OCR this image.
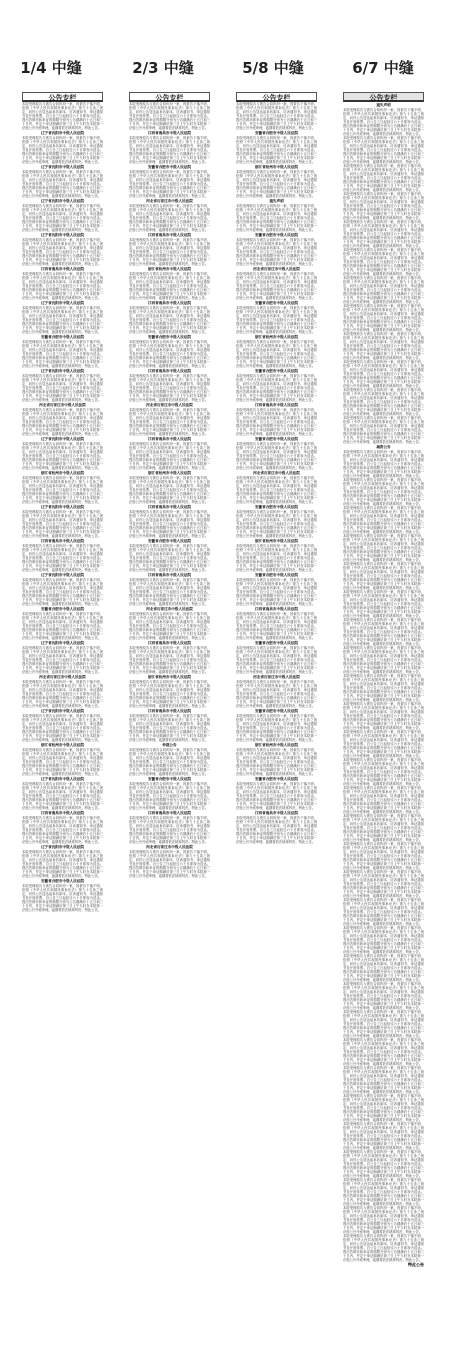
1/4 中缝	2/3 中缝	5/8 中缝	6/7 中缝
公告专栏

本院受理原告与被告合同纠纷一案，因被告下落不明，依照《中华人民共和国民事诉讼法》第九十五条之规定，向你公告送达起诉状副本、应诉通知书、举证通知书及开庭传票。自公告之日起经过六十日即视为送达。提出答辩状和举证的期限分别为公告期满后十五日和三十日内，并定于举证期满后第三日上午九时在本院第一法庭公开开庭审理，逾期将依法缺席判决。特此公告。

辽宁省沈阳市中级人民法院

本院受理原告与被告合同纠纷一案，因被告下落不明，依照《中华人民共和国民事诉讼法》第九十五条之规定，向你公告送达起诉状副本、应诉通知书、举证通知书及开庭传票。自公告之日起经过六十日即视为送达。提出答辩状和举证的期限分别为公告期满后十五日和三十日内，并定于举证期满后第三日上午九时在本院第一法庭公开开庭审理，逾期将依法缺席判决。特此公告。

辽宁省沈阳市中级人民法院

本院受理原告与被告合同纠纷一案，因被告下落不明，依照《中华人民共和国民事诉讼法》第九十五条之规定，向你公告送达起诉状副本、应诉通知书、举证通知书及开庭传票。自公告之日起经过六十日即视为送达。提出答辩状和举证的期限分别为公告期满后十五日和三十日内，并定于举证期满后第三日上午九时在本院第一法庭公开开庭审理，逾期将依法缺席判决。特此公告。

辽宁省沈阳市中级人民法院

本院受理原告与被告合同纠纷一案，因被告下落不明，依照《中华人民共和国民事诉讼法》第九十五条之规定，向你公告送达起诉状副本、应诉通知书、举证通知书及开庭传票。自公告之日起经过六十日即视为送达。提出答辩状和举证的期限分别为公告期满后十五日和三十日内，并定于举证期满后第三日上午九时在本院第一法庭公开开庭审理，逾期将依法缺席判决。特此公告。

辽宁省沈阳市中级人民法院

本院受理原告与被告合同纠纷一案，因被告下落不明，依照《中华人民共和国民事诉讼法》第九十五条之规定，向你公告送达起诉状副本、应诉通知书、举证通知书及开庭传票。自公告之日起经过六十日即视为送达。提出答辩状和举证的期限分别为公告期满后十五日和三十日内，并定于举证期满后第三日上午九时在本院第一法庭公开开庭审理，逾期将依法缺席判决。特此公告。

江西省南昌市中级人民法院

本院受理原告与被告合同纠纷一案，因被告下落不明，依照《中华人民共和国民事诉讼法》第九十五条之规定，向你公告送达起诉状副本、应诉通知书、举证通知书及开庭传票。自公告之日起经过六十日即视为送达。提出答辩状和举证的期限分别为公告期满后十五日和三十日内，并定于举证期满后第三日上午九时在本院第一法庭公开开庭审理，逾期将依法缺席判决。特此公告。

辽宁省沈阳市中级人民法院

本院受理原告与被告合同纠纷一案，因被告下落不明，依照《中华人民共和国民事诉讼法》第九十五条之规定，向你公告送达起诉状副本、应诉通知书、举证通知书及开庭传票。自公告之日起经过六十日即视为送达。提出答辩状和举证的期限分别为公告期满后十五日和三十日内，并定于举证期满后第三日上午九时在本院第一法庭公开开庭审理，逾期将依法缺席判决。特此公告。

安徽省合肥市中级人民法院

本院受理原告与被告合同纠纷一案，因被告下落不明，依照《中华人民共和国民事诉讼法》第九十五条之规定，向你公告送达起诉状副本、应诉通知书、举证通知书及开庭传票。自公告之日起经过六十日即视为送达。提出答辩状和举证的期限分别为公告期满后十五日和三十日内，并定于举证期满后第三日上午九时在本院第一法庭公开开庭审理，逾期将依法缺席判决。特此公告。

辽宁省沈阳市中级人民法院

本院受理原告与被告合同纠纷一案，因被告下落不明，依照《中华人民共和国民事诉讼法》第九十五条之规定，向你公告送达起诉状副本、应诉通知书、举证通知书及开庭传票。自公告之日起经过六十日即视为送达。提出答辩状和举证的期限分别为公告期满后十五日和三十日内，并定于举证期满后第三日上午九时在本院第一法庭公开开庭审理，逾期将依法缺席判决。特此公告。

河北省石家庄市中级人民法院

本院受理原告与被告合同纠纷一案，因被告下落不明，依照《中华人民共和国民事诉讼法》第九十五条之规定，向你公告送达起诉状副本、应诉通知书、举证通知书及开庭传票。自公告之日起经过六十日即视为送达。提出答辩状和举证的期限分别为公告期满后十五日和三十日内，并定于举证期满后第三日上午九时在本院第一法庭公开开庭审理，逾期将依法缺席判决。特此公告。

辽宁省沈阳市中级人民法院

本院受理原告与被告合同纠纷一案，因被告下落不明，依照《中华人民共和国民事诉讼法》第九十五条之规定，向你公告送达起诉状副本、应诉通知书、举证通知书及开庭传票。自公告之日起经过六十日即视为送达。提出答辩状和举证的期限分别为公告期满后十五日和三十日内，并定于举证期满后第三日上午九时在本院第一法庭公开开庭审理，逾期将依法缺席判决。特此公告。

浙江省杭州市中级人民法院

本院受理原告与被告合同纠纷一案，因被告下落不明，依照《中华人民共和国民事诉讼法》第九十五条之规定，向你公告送达起诉状副本、应诉通知书、举证通知书及开庭传票。自公告之日起经过六十日即视为送达。提出答辩状和举证的期限分别为公告期满后十五日和三十日内，并定于举证期满后第三日上午九时在本院第一法庭公开开庭审理，逾期将依法缺席判决。特此公告。

辽宁省沈阳市中级人民法院

本院受理原告与被告合同纠纷一案，因被告下落不明，依照《中华人民共和国民事诉讼法》第九十五条之规定，向你公告送达起诉状副本、应诉通知书、举证通知书及开庭传票。自公告之日起经过六十日即视为送达。提出答辩状和举证的期限分别为公告期满后十五日和三十日内，并定于举证期满后第三日上午九时在本院第一法庭公开开庭审理，逾期将依法缺席判决。特此公告。

江西省南昌市中级人民法院

本院受理原告与被告合同纠纷一案，因被告下落不明，依照《中华人民共和国民事诉讼法》第九十五条之规定，向你公告送达起诉状副本、应诉通知书、举证通知书及开庭传票。自公告之日起经过六十日即视为送达。提出答辩状和举证的期限分别为公告期满后十五日和三十日内，并定于举证期满后第三日上午九时在本院第一法庭公开开庭审理，逾期将依法缺席判决。特此公告。

辽宁省沈阳市中级人民法院

本院受理原告与被告合同纠纷一案，因被告下落不明，依照《中华人民共和国民事诉讼法》第九十五条之规定，向你公告送达起诉状副本、应诉通知书、举证通知书及开庭传票。自公告之日起经过六十日即视为送达。提出答辩状和举证的期限分别为公告期满后十五日和三十日内，并定于举证期满后第三日上午九时在本院第一法庭公开开庭审理，逾期将依法缺席判决。特此公告。

安徽省合肥市中级人民法院

本院受理原告与被告合同纠纷一案，因被告下落不明，依照《中华人民共和国民事诉讼法》第九十五条之规定，向你公告送达起诉状副本、应诉通知书、举证通知书及开庭传票。自公告之日起经过六十日即视为送达。提出答辩状和举证的期限分别为公告期满后十五日和三十日内，并定于举证期满后第三日上午九时在本院第一法庭公开开庭审理，逾期将依法缺席判决。特此公告。

辽宁省沈阳市中级人民法院

本院受理原告与被告合同纠纷一案，因被告下落不明，依照《中华人民共和国民事诉讼法》第九十五条之规定，向你公告送达起诉状副本、应诉通知书、举证通知书及开庭传票。自公告之日起经过六十日即视为送达。提出答辩状和举证的期限分别为公告期满后十五日和三十日内，并定于举证期满后第三日上午九时在本院第一法庭公开开庭审理，逾期将依法缺席判决。特此公告。

河北省石家庄市中级人民法院

本院受理原告与被告合同纠纷一案，因被告下落不明，依照《中华人民共和国民事诉讼法》第九十五条之规定，向你公告送达起诉状副本、应诉通知书、举证通知书及开庭传票。自公告之日起经过六十日即视为送达。提出答辩状和举证的期限分别为公告期满后十五日和三十日内，并定于举证期满后第三日上午九时在本院第一法庭公开开庭审理，逾期将依法缺席判决。特此公告。

辽宁省沈阳市中级人民法院

本院受理原告与被告合同纠纷一案，因被告下落不明，依照《中华人民共和国民事诉讼法》第九十五条之规定，向你公告送达起诉状副本、应诉通知书、举证通知书及开庭传票。自公告之日起经过六十日即视为送达。提出答辩状和举证的期限分别为公告期满后十五日和三十日内，并定于举证期满后第三日上午九时在本院第一法庭公开开庭审理，逾期将依法缺席判决。特此公告。

浙江省杭州市中级人民法院

本院受理原告与被告合同纠纷一案，因被告下落不明，依照《中华人民共和国民事诉讼法》第九十五条之规定，向你公告送达起诉状副本、应诉通知书、举证通知书及开庭传票。自公告之日起经过六十日即视为送达。提出答辩状和举证的期限分别为公告期满后十五日和三十日内，并定于举证期满后第三日上午九时在本院第一法庭公开开庭审理，逾期将依法缺席判决。特此公告。

辽宁省沈阳市中级人民法院

本院受理原告与被告合同纠纷一案，因被告下落不明，依照《中华人民共和国民事诉讼法》第九十五条之规定，向你公告送达起诉状副本、应诉通知书、举证通知书及开庭传票。自公告之日起经过六十日即视为送达。提出答辩状和举证的期限分别为公告期满后十五日和三十日内，并定于举证期满后第三日上午九时在本院第一法庭公开开庭审理，逾期将依法缺席判决。特此公告。

江西省南昌市中级人民法院

本院受理原告与被告合同纠纷一案，因被告下落不明，依照《中华人民共和国民事诉讼法》第九十五条之规定，向你公告送达起诉状副本、应诉通知书、举证通知书及开庭传票。自公告之日起经过六十日即视为送达。提出答辩状和举证的期限分别为公告期满后十五日和三十日内，并定于举证期满后第三日上午九时在本院第一法庭公开开庭审理，逾期将依法缺席判决。特此公告。

辽宁省沈阳市中级人民法院

本院受理原告与被告合同纠纷一案，因被告下落不明，依照《中华人民共和国民事诉讼法》第九十五条之规定，向你公告送达起诉状副本、应诉通知书、举证通知书及开庭传票。自公告之日起经过六十日即视为送达。提出答辩状和举证的期限分别为公告期满后十五日和三十日内，并定于举证期满后第三日上午九时在本院第一法庭公开开庭审理，逾期将依法缺席判决。特此公告。

安徽省合肥市中级人民法院

本院受理原告与被告合同纠纷一案，因被告下落不明，依照《中华人民共和国民事诉讼法》第九十五条之规定，向你公告送达起诉状副本、应诉通知书、举证通知书及开庭传票。自公告之日起经过六十日即视为送达。提出答辩状和举证的期限分别为公告期满后十五日和三十日内，并定于举证期满后第三日上午九时在本院第一法庭公开开庭审理，逾期将依法缺席判决。特此公告。

公告专栏

本院受理原告与被告合同纠纷一案，因被告下落不明，依照《中华人民共和国民事诉讼法》第九十五条之规定，向你公告送达起诉状副本、应诉通知书、举证通知书及开庭传票。自公告之日起经过六十日即视为送达。提出答辩状和举证的期限分别为公告期满后十五日和三十日内，并定于举证期满后第三日上午九时在本院第一法庭公开开庭审理，逾期将依法缺席判决。特此公告。

江西省南昌市中级人民法院

本院受理原告与被告合同纠纷一案，因被告下落不明，依照《中华人民共和国民事诉讼法》第九十五条之规定，向你公告送达起诉状副本、应诉通知书、举证通知书及开庭传票。自公告之日起经过六十日即视为送达。提出答辩状和举证的期限分别为公告期满后十五日和三十日内，并定于举证期满后第三日上午九时在本院第一法庭公开开庭审理，逾期将依法缺席判决。特此公告。

安徽省合肥市中级人民法院

本院受理原告与被告合同纠纷一案，因被告下落不明，依照《中华人民共和国民事诉讼法》第九十五条之规定，向你公告送达起诉状副本、应诉通知书、举证通知书及开庭传票。自公告之日起经过六十日即视为送达。提出答辩状和举证的期限分别为公告期满后十五日和三十日内，并定于举证期满后第三日上午九时在本院第一法庭公开开庭审理，逾期将依法缺席判决。特此公告。

河北省石家庄市中级人民法院

本院受理原告与被告合同纠纷一案，因被告下落不明，依照《中华人民共和国民事诉讼法》第九十五条之规定，向你公告送达起诉状副本、应诉通知书、举证通知书及开庭传票。自公告之日起经过六十日即视为送达。提出答辩状和举证的期限分别为公告期满后十五日和三十日内，并定于举证期满后第三日上午九时在本院第一法庭公开开庭审理，逾期将依法缺席判决。特此公告。

江西省南昌市中级人民法院

本院受理原告与被告合同纠纷一案，因被告下落不明，依照《中华人民共和国民事诉讼法》第九十五条之规定，向你公告送达起诉状副本、应诉通知书、举证通知书及开庭传票。自公告之日起经过六十日即视为送达。提出答辩状和举证的期限分别为公告期满后十五日和三十日内，并定于举证期满后第三日上午九时在本院第一法庭公开开庭审理，逾期将依法缺席判决。特此公告。

浙江省杭州市中级人民法院

本院受理原告与被告合同纠纷一案，因被告下落不明，依照《中华人民共和国民事诉讼法》第九十五条之规定，向你公告送达起诉状副本、应诉通知书、举证通知书及开庭传票。自公告之日起经过六十日即视为送达。提出答辩状和举证的期限分别为公告期满后十五日和三十日内，并定于举证期满后第三日上午九时在本院第一法庭公开开庭审理，逾期将依法缺席判决。特此公告。

江西省南昌市中级人民法院

本院受理原告与被告合同纠纷一案，因被告下落不明，依照《中华人民共和国民事诉讼法》第九十五条之规定，向你公告送达起诉状副本、应诉通知书、举证通知书及开庭传票。自公告之日起经过六十日即视为送达。提出答辩状和举证的期限分别为公告期满后十五日和三十日内，并定于举证期满后第三日上午九时在本院第一法庭公开开庭审理，逾期将依法缺席判决。特此公告。

安徽省合肥市中级人民法院

本院受理原告与被告合同纠纷一案，因被告下落不明，依照《中华人民共和国民事诉讼法》第九十五条之规定，向你公告送达起诉状副本、应诉通知书、举证通知书及开庭传票。自公告之日起经过六十日即视为送达。提出答辩状和举证的期限分别为公告期满后十五日和三十日内，并定于举证期满后第三日上午九时在本院第一法庭公开开庭审理，逾期将依法缺席判决。特此公告。

江西省南昌市中级人民法院

本院受理原告与被告合同纠纷一案，因被告下落不明，依照《中华人民共和国民事诉讼法》第九十五条之规定，向你公告送达起诉状副本、应诉通知书、举证通知书及开庭传票。自公告之日起经过六十日即视为送达。提出答辩状和举证的期限分别为公告期满后十五日和三十日内，并定于举证期满后第三日上午九时在本院第一法庭公开开庭审理，逾期将依法缺席判决。特此公告。

河北省石家庄市中级人民法院

本院受理原告与被告合同纠纷一案，因被告下落不明，依照《中华人民共和国民事诉讼法》第九十五条之规定，向你公告送达起诉状副本、应诉通知书、举证通知书及开庭传票。自公告之日起经过六十日即视为送达。提出答辩状和举证的期限分别为公告期满后十五日和三十日内，并定于举证期满后第三日上午九时在本院第一法庭公开开庭审理，逾期将依法缺席判决。特此公告。

江西省南昌市中级人民法院

本院受理原告与被告合同纠纷一案，因被告下落不明，依照《中华人民共和国民事诉讼法》第九十五条之规定，向你公告送达起诉状副本、应诉通知书、举证通知书及开庭传票。自公告之日起经过六十日即视为送达。提出答辩状和举证的期限分别为公告期满后十五日和三十日内，并定于举证期满后第三日上午九时在本院第一法庭公开开庭审理，逾期将依法缺席判决。特此公告。

浙江省杭州市中级人民法院

本院受理原告与被告合同纠纷一案，因被告下落不明，依照《中华人民共和国民事诉讼法》第九十五条之规定，向你公告送达起诉状副本、应诉通知书、举证通知书及开庭传票。自公告之日起经过六十日即视为送达。提出答辩状和举证的期限分别为公告期满后十五日和三十日内，并定于举证期满后第三日上午九时在本院第一法庭公开开庭审理，逾期将依法缺席判决。特此公告。

江西省南昌市中级人民法院

本院受理原告与被告合同纠纷一案，因被告下落不明，依照《中华人民共和国民事诉讼法》第九十五条之规定，向你公告送达起诉状副本、应诉通知书、举证通知书及开庭传票。自公告之日起经过六十日即视为送达。提出答辩状和举证的期限分别为公告期满后十五日和三十日内，并定于举证期满后第三日上午九时在本院第一法庭公开开庭审理，逾期将依法缺席判决。特此公告。

安徽省合肥市中级人民法院

本院受理原告与被告合同纠纷一案，因被告下落不明，依照《中华人民共和国民事诉讼法》第九十五条之规定，向你公告送达起诉状副本、应诉通知书、举证通知书及开庭传票。自公告之日起经过六十日即视为送达。提出答辩状和举证的期限分别为公告期满后十五日和三十日内，并定于举证期满后第三日上午九时在本院第一法庭公开开庭审理，逾期将依法缺席判决。特此公告。

江西省南昌市中级人民法院

本院受理原告与被告合同纠纷一案，因被告下落不明，依照《中华人民共和国民事诉讼法》第九十五条之规定，向你公告送达起诉状副本、应诉通知书、举证通知书及开庭传票。自公告之日起经过六十日即视为送达。提出答辩状和举证的期限分别为公告期满后十五日和三十日内，并定于举证期满后第三日上午九时在本院第一法庭公开开庭审理，逾期将依法缺席判决。特此公告。

河北省石家庄市中级人民法院

本院受理原告与被告合同纠纷一案，因被告下落不明，依照《中华人民共和国民事诉讼法》第九十五条之规定，向你公告送达起诉状副本、应诉通知书、举证通知书及开庭传票。自公告之日起经过六十日即视为送达。提出答辩状和举证的期限分别为公告期满后十五日和三十日内，并定于举证期满后第三日上午九时在本院第一法庭公开开庭审理，逾期将依法缺席判决。特此公告。

江西省南昌市中级人民法院

本院受理原告与被告合同纠纷一案，因被告下落不明，依照《中华人民共和国民事诉讼法》第九十五条之规定，向你公告送达起诉状副本、应诉通知书、举证通知书及开庭传票。自公告之日起经过六十日即视为送达。提出答辩状和举证的期限分别为公告期满后十五日和三十日内，并定于举证期满后第三日上午九时在本院第一法庭公开开庭审理，逾期将依法缺席判决。特此公告。

浙江省杭州市中级人民法院

本院受理原告与被告合同纠纷一案，因被告下落不明，依照《中华人民共和国民事诉讼法》第九十五条之规定，向你公告送达起诉状副本、应诉通知书、举证通知书及开庭传票。自公告之日起经过六十日即视为送达。提出答辩状和举证的期限分别为公告期满后十五日和三十日内，并定于举证期满后第三日上午九时在本院第一法庭公开开庭审理，逾期将依法缺席判决。特此公告。

江西省南昌市中级人民法院

本院受理原告与被告合同纠纷一案，因被告下落不明，依照《中华人民共和国民事诉讼法》第九十五条之规定，向你公告送达起诉状副本、应诉通知书、举证通知书及开庭传票。自公告之日起经过六十日即视为送达。提出答辩状和举证的期限分别为公告期满后十五日和三十日内，并定于举证期满后第三日上午九时在本院第一法庭公开开庭审理，逾期将依法缺席判决。特此公告。

仲裁公告

本院受理原告与被告合同纠纷一案，因被告下落不明，依照《中华人民共和国民事诉讼法》第九十五条之规定，向你公告送达起诉状副本、应诉通知书、举证通知书及开庭传票。自公告之日起经过六十日即视为送达。提出答辩状和举证的期限分别为公告期满后十五日和三十日内，并定于举证期满后第三日上午九时在本院第一法庭公开开庭审理，逾期将依法缺席判决。特此公告。

安徽省合肥市中级人民法院

本院受理原告与被告合同纠纷一案，因被告下落不明，依照《中华人民共和国民事诉讼法》第九十五条之规定，向你公告送达起诉状副本、应诉通知书、举证通知书及开庭传票。自公告之日起经过六十日即视为送达。提出答辩状和举证的期限分别为公告期满后十五日和三十日内，并定于举证期满后第三日上午九时在本院第一法庭公开开庭审理，逾期将依法缺席判决。特此公告。

江西省南昌市中级人民法院

本院受理原告与被告合同纠纷一案，因被告下落不明，依照《中华人民共和国民事诉讼法》第九十五条之规定，向你公告送达起诉状副本、应诉通知书、举证通知书及开庭传票。自公告之日起经过六十日即视为送达。提出答辩状和举证的期限分别为公告期满后十五日和三十日内，并定于举证期满后第三日上午九时在本院第一法庭公开开庭审理，逾期将依法缺席判决。特此公告。

河北省石家庄市中级人民法院

本院受理原告与被告合同纠纷一案，因被告下落不明，依照《中华人民共和国民事诉讼法》第九十五条之规定，向你公告送达起诉状副本、应诉通知书、举证通知书及开庭传票。自公告之日起经过六十日即视为送达。提出答辩状和举证的期限分别为公告期满后十五日和三十日内，并定于举证期满后第三日上午九时在本院第一法庭公开开庭审理，逾期将依法缺席判决。特此公告。

公告专栏

本院受理原告与被告合同纠纷一案，因被告下落不明，依照《中华人民共和国民事诉讼法》第九十五条之规定，向你公告送达起诉状副本、应诉通知书、举证通知书及开庭传票。自公告之日起经过六十日即视为送达。提出答辩状和举证的期限分别为公告期满后十五日和三十日内，并定于举证期满后第三日上午九时在本院第一法庭公开开庭审理，逾期将依法缺席判决。特此公告。

安徽省合肥市中级人民法院

本院受理原告与被告合同纠纷一案，因被告下落不明，依照《中华人民共和国民事诉讼法》第九十五条之规定，向你公告送达起诉状副本、应诉通知书、举证通知书及开庭传票。自公告之日起经过六十日即视为送达。提出答辩状和举证的期限分别为公告期满后十五日和三十日内，并定于举证期满后第三日上午九时在本院第一法庭公开开庭审理，逾期将依法缺席判决。特此公告。

浙江省杭州市中级人民法院

本院受理原告与被告合同纠纷一案，因被告下落不明，依照《中华人民共和国民事诉讼法》第九十五条之规定，向你公告送达起诉状副本、应诉通知书、举证通知书及开庭传票。自公告之日起经过六十日即视为送达。提出答辩状和举证的期限分别为公告期满后十五日和三十日内，并定于举证期满后第三日上午九时在本院第一法庭公开开庭审理，逾期将依法缺席判决。特此公告。

遗失声明

本院受理原告与被告合同纠纷一案，因被告下落不明，依照《中华人民共和国民事诉讼法》第九十五条之规定，向你公告送达起诉状副本、应诉通知书、举证通知书及开庭传票。自公告之日起经过六十日即视为送达。提出答辩状和举证的期限分别为公告期满后十五日和三十日内，并定于举证期满后第三日上午九时在本院第一法庭公开开庭审理，逾期将依法缺席判决。特此公告。

安徽省合肥市中级人民法院

本院受理原告与被告合同纠纷一案，因被告下落不明，依照《中华人民共和国民事诉讼法》第九十五条之规定，向你公告送达起诉状副本、应诉通知书、举证通知书及开庭传票。自公告之日起经过六十日即视为送达。提出答辩状和举证的期限分别为公告期满后十五日和三十日内，并定于举证期满后第三日上午九时在本院第一法庭公开开庭审理，逾期将依法缺席判决。特此公告。

河北省石家庄市中级人民法院

本院受理原告与被告合同纠纷一案，因被告下落不明，依照《中华人民共和国民事诉讼法》第九十五条之规定，向你公告送达起诉状副本、应诉通知书、举证通知书及开庭传票。自公告之日起经过六十日即视为送达。提出答辩状和举证的期限分别为公告期满后十五日和三十日内，并定于举证期满后第三日上午九时在本院第一法庭公开开庭审理，逾期将依法缺席判决。特此公告。

安徽省合肥市中级人民法院

本院受理原告与被告合同纠纷一案，因被告下落不明，依照《中华人民共和国民事诉讼法》第九十五条之规定，向你公告送达起诉状副本、应诉通知书、举证通知书及开庭传票。自公告之日起经过六十日即视为送达。提出答辩状和举证的期限分别为公告期满后十五日和三十日内，并定于举证期满后第三日上午九时在本院第一法庭公开开庭审理，逾期将依法缺席判决。特此公告。

浙江省杭州市中级人民法院

本院受理原告与被告合同纠纷一案，因被告下落不明，依照《中华人民共和国民事诉讼法》第九十五条之规定，向你公告送达起诉状副本、应诉通知书、举证通知书及开庭传票。自公告之日起经过六十日即视为送达。提出答辩状和举证的期限分别为公告期满后十五日和三十日内，并定于举证期满后第三日上午九时在本院第一法庭公开开庭审理，逾期将依法缺席判决。特此公告。

安徽省合肥市中级人民法院

本院受理原告与被告合同纠纷一案，因被告下落不明，依照《中华人民共和国民事诉讼法》第九十五条之规定，向你公告送达起诉状副本、应诉通知书、举证通知书及开庭传票。自公告之日起经过六十日即视为送达。提出答辩状和举证的期限分别为公告期满后十五日和三十日内，并定于举证期满后第三日上午九时在本院第一法庭公开开庭审理，逾期将依法缺席判决。特此公告。

江西省南昌市中级人民法院

本院受理原告与被告合同纠纷一案，因被告下落不明，依照《中华人民共和国民事诉讼法》第九十五条之规定，向你公告送达起诉状副本、应诉通知书、举证通知书及开庭传票。自公告之日起经过六十日即视为送达。提出答辩状和举证的期限分别为公告期满后十五日和三十日内，并定于举证期满后第三日上午九时在本院第一法庭公开开庭审理，逾期将依法缺席判决。特此公告。

安徽省合肥市中级人民法院

本院受理原告与被告合同纠纷一案，因被告下落不明，依照《中华人民共和国民事诉讼法》第九十五条之规定，向你公告送达起诉状副本、应诉通知书、举证通知书及开庭传票。自公告之日起经过六十日即视为送达。提出答辩状和举证的期限分别为公告期满后十五日和三十日内，并定于举证期满后第三日上午九时在本院第一法庭公开开庭审理，逾期将依法缺席判决。特此公告。

河北省石家庄市中级人民法院

本院受理原告与被告合同纠纷一案，因被告下落不明，依照《中华人民共和国民事诉讼法》第九十五条之规定，向你公告送达起诉状副本、应诉通知书、举证通知书及开庭传票。自公告之日起经过六十日即视为送达。提出答辩状和举证的期限分别为公告期满后十五日和三十日内，并定于举证期满后第三日上午九时在本院第一法庭公开开庭审理，逾期将依法缺席判决。特此公告。

安徽省合肥市中级人民法院

本院受理原告与被告合同纠纷一案，因被告下落不明，依照《中华人民共和国民事诉讼法》第九十五条之规定，向你公告送达起诉状副本、应诉通知书、举证通知书及开庭传票。自公告之日起经过六十日即视为送达。提出答辩状和举证的期限分别为公告期满后十五日和三十日内，并定于举证期满后第三日上午九时在本院第一法庭公开开庭审理，逾期将依法缺席判决。特此公告。

浙江省杭州市中级人民法院

本院受理原告与被告合同纠纷一案，因被告下落不明，依照《中华人民共和国民事诉讼法》第九十五条之规定，向你公告送达起诉状副本、应诉通知书、举证通知书及开庭传票。自公告之日起经过六十日即视为送达。提出答辩状和举证的期限分别为公告期满后十五日和三十日内，并定于举证期满后第三日上午九时在本院第一法庭公开开庭审理，逾期将依法缺席判决。特此公告。

安徽省合肥市中级人民法院

本院受理原告与被告合同纠纷一案，因被告下落不明，依照《中华人民共和国民事诉讼法》第九十五条之规定，向你公告送达起诉状副本、应诉通知书、举证通知书及开庭传票。自公告之日起经过六十日即视为送达。提出答辩状和举证的期限分别为公告期满后十五日和三十日内，并定于举证期满后第三日上午九时在本院第一法庭公开开庭审理，逾期将依法缺席判决。特此公告。

江西省南昌市中级人民法院

本院受理原告与被告合同纠纷一案，因被告下落不明，依照《中华人民共和国民事诉讼法》第九十五条之规定，向你公告送达起诉状副本、应诉通知书、举证通知书及开庭传票。自公告之日起经过六十日即视为送达。提出答辩状和举证的期限分别为公告期满后十五日和三十日内，并定于举证期满后第三日上午九时在本院第一法庭公开开庭审理，逾期将依法缺席判决。特此公告。

安徽省合肥市中级人民法院

本院受理原告与被告合同纠纷一案，因被告下落不明，依照《中华人民共和国民事诉讼法》第九十五条之规定，向你公告送达起诉状副本、应诉通知书、举证通知书及开庭传票。自公告之日起经过六十日即视为送达。提出答辩状和举证的期限分别为公告期满后十五日和三十日内，并定于举证期满后第三日上午九时在本院第一法庭公开开庭审理，逾期将依法缺席判决。特此公告。

河北省石家庄市中级人民法院

本院受理原告与被告合同纠纷一案，因被告下落不明，依照《中华人民共和国民事诉讼法》第九十五条之规定，向你公告送达起诉状副本、应诉通知书、举证通知书及开庭传票。自公告之日起经过六十日即视为送达。提出答辩状和举证的期限分别为公告期满后十五日和三十日内，并定于举证期满后第三日上午九时在本院第一法庭公开开庭审理，逾期将依法缺席判决。特此公告。

安徽省合肥市中级人民法院

本院受理原告与被告合同纠纷一案，因被告下落不明，依照《中华人民共和国民事诉讼法》第九十五条之规定，向你公告送达起诉状副本、应诉通知书、举证通知书及开庭传票。自公告之日起经过六十日即视为送达。提出答辩状和举证的期限分别为公告期满后十五日和三十日内，并定于举证期满后第三日上午九时在本院第一法庭公开开庭审理，逾期将依法缺席判决。特此公告。

浙江省杭州市中级人民法院

本院受理原告与被告合同纠纷一案，因被告下落不明，依照《中华人民共和国民事诉讼法》第九十五条之规定，向你公告送达起诉状副本、应诉通知书、举证通知书及开庭传票。自公告之日起经过六十日即视为送达。提出答辩状和举证的期限分别为公告期满后十五日和三十日内，并定于举证期满后第三日上午九时在本院第一法庭公开开庭审理，逾期将依法缺席判决。特此公告。

安徽省合肥市中级人民法院

本院受理原告与被告合同纠纷一案，因被告下落不明，依照《中华人民共和国民事诉讼法》第九十五条之规定，向你公告送达起诉状副本、应诉通知书、举证通知书及开庭传票。自公告之日起经过六十日即视为送达。提出答辩状和举证的期限分别为公告期满后十五日和三十日内，并定于举证期满后第三日上午九时在本院第一法庭公开开庭审理，逾期将依法缺席判决。特此公告。

江西省南昌市中级人民法院

本院受理原告与被告合同纠纷一案，因被告下落不明，依照《中华人民共和国民事诉讼法》第九十五条之规定，向你公告送达起诉状副本、应诉通知书、举证通知书及开庭传票。自公告之日起经过六十日即视为送达。提出答辩状和举证的期限分别为公告期满后十五日和三十日内，并定于举证期满后第三日上午九时在本院第一法庭公开开庭审理，逾期将依法缺席判决。特此公告。

公告专栏
遗失声明

本院受理原告与被告合同纠纷一案，因被告下落不明，依照《中华人民共和国民事诉讼法》第九十五条之规定，向你公告送达起诉状副本、应诉通知书、举证通知书及开庭传票。自公告之日起经过六十日即视为送达。提出答辩状和举证的期限分别为公告期满后十五日和三十日内，并定于举证期满后第三日上午九时在本院第一法庭公开开庭审理，逾期将依法缺席判决。特此公告。

本院受理原告与被告合同纠纷一案，因被告下落不明，依照《中华人民共和国民事诉讼法》第九十五条之规定，向你公告送达起诉状副本、应诉通知书、举证通知书及开庭传票。自公告之日起经过六十日即视为送达。提出答辩状和举证的期限分别为公告期满后十五日和三十日内，并定于举证期满后第三日上午九时在本院第一法庭公开开庭审理，逾期将依法缺席判决。特此公告。

本院受理原告与被告合同纠纷一案，因被告下落不明，依照《中华人民共和国民事诉讼法》第九十五条之规定，向你公告送达起诉状副本、应诉通知书、举证通知书及开庭传票。自公告之日起经过六十日即视为送达。提出答辩状和举证的期限分别为公告期满后十五日和三十日内，并定于举证期满后第三日上午九时在本院第一法庭公开开庭审理，逾期将依法缺席判决。特此公告。

本院受理原告与被告合同纠纷一案，因被告下落不明，依照《中华人民共和国民事诉讼法》第九十五条之规定，向你公告送达起诉状副本、应诉通知书、举证通知书及开庭传票。自公告之日起经过六十日即视为送达。提出答辩状和举证的期限分别为公告期满后十五日和三十日内，并定于举证期满后第三日上午九时在本院第一法庭公开开庭审理，逾期将依法缺席判决。特此公告。

本院受理原告与被告合同纠纷一案，因被告下落不明，依照《中华人民共和国民事诉讼法》第九十五条之规定，向你公告送达起诉状副本、应诉通知书、举证通知书及开庭传票。自公告之日起经过六十日即视为送达。提出答辩状和举证的期限分别为公告期满后十五日和三十日内，并定于举证期满后第三日上午九时在本院第一法庭公开开庭审理，逾期将依法缺席判决。特此公告。

本院受理原告与被告合同纠纷一案，因被告下落不明，依照《中华人民共和国民事诉讼法》第九十五条之规定，向你公告送达起诉状副本、应诉通知书、举证通知书及开庭传票。自公告之日起经过六十日即视为送达。提出答辩状和举证的期限分别为公告期满后十五日和三十日内，并定于举证期满后第三日上午九时在本院第一法庭公开开庭审理，逾期将依法缺席判决。特此公告。

本院受理原告与被告合同纠纷一案，因被告下落不明，依照《中华人民共和国民事诉讼法》第九十五条之规定，向你公告送达起诉状副本、应诉通知书、举证通知书及开庭传票。自公告之日起经过六十日即视为送达。提出答辩状和举证的期限分别为公告期满后十五日和三十日内，并定于举证期满后第三日上午九时在本院第一法庭公开开庭审理，逾期将依法缺席判决。特此公告。

本院受理原告与被告合同纠纷一案，因被告下落不明，依照《中华人民共和国民事诉讼法》第九十五条之规定，向你公告送达起诉状副本、应诉通知书、举证通知书及开庭传票。自公告之日起经过六十日即视为送达。提出答辩状和举证的期限分别为公告期满后十五日和三十日内，并定于举证期满后第三日上午九时在本院第一法庭公开开庭审理，逾期将依法缺席判决。特此公告。

本院受理原告与被告合同纠纷一案，因被告下落不明，依照《中华人民共和国民事诉讼法》第九十五条之规定，向你公告送达起诉状副本、应诉通知书、举证通知书及开庭传票。自公告之日起经过六十日即视为送达。提出答辩状和举证的期限分别为公告期满后十五日和三十日内，并定于举证期满后第三日上午九时在本院第一法庭公开开庭审理，逾期将依法缺席判决。特此公告。

本院受理原告与被告合同纠纷一案，因被告下落不明，依照《中华人民共和国民事诉讼法》第九十五条之规定，向你公告送达起诉状副本、应诉通知书、举证通知书及开庭传票。自公告之日起经过六十日即视为送达。提出答辩状和举证的期限分别为公告期满后十五日和三十日内，并定于举证期满后第三日上午九时在本院第一法庭公开开庭审理，逾期将依法缺席判决。特此公告。

本院受理原告与被告合同纠纷一案，因被告下落不明，依照《中华人民共和国民事诉讼法》第九十五条之规定，向你公告送达起诉状副本、应诉通知书、举证通知书及开庭传票。自公告之日起经过六十日即视为送达。提出答辩状和举证的期限分别为公告期满后十五日和三十日内，并定于举证期满后第三日上午九时在本院第一法庭公开开庭审理，逾期将依法缺席判决。特此公告。

本院受理原告与被告合同纠纷一案，因被告下落不明，依照《中华人民共和国民事诉讼法》第九十五条之规定，向你公告送达起诉状副本、应诉通知书、举证通知书及开庭传票。自公告之日起经过六十日即视为送达。提出答辩状和举证的期限分别为公告期满后十五日和三十日内，并定于举证期满后第三日上午九时在本院第一法庭公开开庭审理，逾期将依法缺席判决。特此公告。

减资公告

本院受理原告与被告合同纠纷一案，因被告下落不明，依照《中华人民共和国民事诉讼法》第九十五条之规定，向你公告送达起诉状副本、应诉通知书、举证通知书及开庭传票。自公告之日起经过六十日即视为送达。提出答辩状和举证的期限分别为公告期满后十五日和三十日内，并定于举证期满后第三日上午九时在本院第一法庭公开开庭审理，逾期将依法缺席判决。特此公告。

本院受理原告与被告合同纠纷一案，因被告下落不明，依照《中华人民共和国民事诉讼法》第九十五条之规定，向你公告送达起诉状副本、应诉通知书、举证通知书及开庭传票。自公告之日起经过六十日即视为送达。提出答辩状和举证的期限分别为公告期满后十五日和三十日内，并定于举证期满后第三日上午九时在本院第一法庭公开开庭审理，逾期将依法缺席判决。特此公告。

本院受理原告与被告合同纠纷一案，因被告下落不明，依照《中华人民共和国民事诉讼法》第九十五条之规定，向你公告送达起诉状副本、应诉通知书、举证通知书及开庭传票。自公告之日起经过六十日即视为送达。提出答辩状和举证的期限分别为公告期满后十五日和三十日内，并定于举证期满后第三日上午九时在本院第一法庭公开开庭审理，逾期将依法缺席判决。特此公告。

本院受理原告与被告合同纠纷一案，因被告下落不明，依照《中华人民共和国民事诉讼法》第九十五条之规定，向你公告送达起诉状副本、应诉通知书、举证通知书及开庭传票。自公告之日起经过六十日即视为送达。提出答辩状和举证的期限分别为公告期满后十五日和三十日内，并定于举证期满后第三日上午九时在本院第一法庭公开开庭审理，逾期将依法缺席判决。特此公告。

本院受理原告与被告合同纠纷一案，因被告下落不明，依照《中华人民共和国民事诉讼法》第九十五条之规定，向你公告送达起诉状副本、应诉通知书、举证通知书及开庭传票。自公告之日起经过六十日即视为送达。提出答辩状和举证的期限分别为公告期满后十五日和三十日内，并定于举证期满后第三日上午九时在本院第一法庭公开开庭审理，逾期将依法缺席判决。特此公告。

本院受理原告与被告合同纠纷一案，因被告下落不明，依照《中华人民共和国民事诉讼法》第九十五条之规定，向你公告送达起诉状副本、应诉通知书、举证通知书及开庭传票。自公告之日起经过六十日即视为送达。提出答辩状和举证的期限分别为公告期满后十五日和三十日内，并定于举证期满后第三日上午九时在本院第一法庭公开开庭审理，逾期将依法缺席判决。特此公告。

本院受理原告与被告合同纠纷一案，因被告下落不明，依照《中华人民共和国民事诉讼法》第九十五条之规定，向你公告送达起诉状副本、应诉通知书、举证通知书及开庭传票。自公告之日起经过六十日即视为送达。提出答辩状和举证的期限分别为公告期满后十五日和三十日内，并定于举证期满后第三日上午九时在本院第一法庭公开开庭审理，逾期将依法缺席判决。特此公告。

本院受理原告与被告合同纠纷一案，因被告下落不明，依照《中华人民共和国民事诉讼法》第九十五条之规定，向你公告送达起诉状副本、应诉通知书、举证通知书及开庭传票。自公告之日起经过六十日即视为送达。提出答辩状和举证的期限分别为公告期满后十五日和三十日内，并定于举证期满后第三日上午九时在本院第一法庭公开开庭审理，逾期将依法缺席判决。特此公告。

本院受理原告与被告合同纠纷一案，因被告下落不明，依照《中华人民共和国民事诉讼法》第九十五条之规定，向你公告送达起诉状副本、应诉通知书、举证通知书及开庭传票。自公告之日起经过六十日即视为送达。提出答辩状和举证的期限分别为公告期满后十五日和三十日内，并定于举证期满后第三日上午九时在本院第一法庭公开开庭审理，逾期将依法缺席判决。特此公告。

本院受理原告与被告合同纠纷一案，因被告下落不明，依照《中华人民共和国民事诉讼法》第九十五条之规定，向你公告送达起诉状副本、应诉通知书、举证通知书及开庭传票。自公告之日起经过六十日即视为送达。提出答辩状和举证的期限分别为公告期满后十五日和三十日内，并定于举证期满后第三日上午九时在本院第一法庭公开开庭审理，逾期将依法缺席判决。特此公告。

本院受理原告与被告合同纠纷一案，因被告下落不明，依照《中华人民共和国民事诉讼法》第九十五条之规定，向你公告送达起诉状副本、应诉通知书、举证通知书及开庭传票。自公告之日起经过六十日即视为送达。提出答辩状和举证的期限分别为公告期满后十五日和三十日内，并定于举证期满后第三日上午九时在本院第一法庭公开开庭审理，逾期将依法缺席判决。特此公告。

本院受理原告与被告合同纠纷一案，因被告下落不明，依照《中华人民共和国民事诉讼法》第九十五条之规定，向你公告送达起诉状副本、应诉通知书、举证通知书及开庭传票。自公告之日起经过六十日即视为送达。提出答辩状和举证的期限分别为公告期满后十五日和三十日内，并定于举证期满后第三日上午九时在本院第一法庭公开开庭审理，逾期将依法缺席判决。特此公告。

本院受理原告与被告合同纠纷一案，因被告下落不明，依照《中华人民共和国民事诉讼法》第九十五条之规定，向你公告送达起诉状副本、应诉通知书、举证通知书及开庭传票。自公告之日起经过六十日即视为送达。提出答辩状和举证的期限分别为公告期满后十五日和三十日内，并定于举证期满后第三日上午九时在本院第一法庭公开开庭审理，逾期将依法缺席判决。特此公告。

本院受理原告与被告合同纠纷一案，因被告下落不明，依照《中华人民共和国民事诉讼法》第九十五条之规定，向你公告送达起诉状副本、应诉通知书、举证通知书及开庭传票。自公告之日起经过六十日即视为送达。提出答辩状和举证的期限分别为公告期满后十五日和三十日内，并定于举证期满后第三日上午九时在本院第一法庭公开开庭审理，逾期将依法缺席判决。特此公告。

本院受理原告与被告合同纠纷一案，因被告下落不明，依照《中华人民共和国民事诉讼法》第九十五条之规定，向你公告送达起诉状副本、应诉通知书、举证通知书及开庭传票。自公告之日起经过六十日即视为送达。提出答辩状和举证的期限分别为公告期满后十五日和三十日内，并定于举证期满后第三日上午九时在本院第一法庭公开开庭审理，逾期将依法缺席判决。特此公告。

本院受理原告与被告合同纠纷一案，因被告下落不明，依照《中华人民共和国民事诉讼法》第九十五条之规定，向你公告送达起诉状副本、应诉通知书、举证通知书及开庭传票。自公告之日起经过六十日即视为送达。提出答辩状和举证的期限分别为公告期满后十五日和三十日内，并定于举证期满后第三日上午九时在本院第一法庭公开开庭审理，逾期将依法缺席判决。特此公告。

本院受理原告与被告合同纠纷一案，因被告下落不明，依照《中华人民共和国民事诉讼法》第九十五条之规定，向你公告送达起诉状副本、应诉通知书、举证通知书及开庭传票。自公告之日起经过六十日即视为送达。提出答辩状和举证的期限分别为公告期满后十五日和三十日内，并定于举证期满后第三日上午九时在本院第一法庭公开开庭审理，逾期将依法缺席判决。特此公告。

本院受理原告与被告合同纠纷一案，因被告下落不明，依照《中华人民共和国民事诉讼法》第九十五条之规定，向你公告送达起诉状副本、应诉通知书、举证通知书及开庭传票。自公告之日起经过六十日即视为送达。提出答辩状和举证的期限分别为公告期满后十五日和三十日内，并定于举证期满后第三日上午九时在本院第一法庭公开开庭审理，逾期将依法缺席判决。特此公告。

本院受理原告与被告合同纠纷一案，因被告下落不明，依照《中华人民共和国民事诉讼法》第九十五条之规定，向你公告送达起诉状副本、应诉通知书、举证通知书及开庭传票。自公告之日起经过六十日即视为送达。提出答辩状和举证的期限分别为公告期满后十五日和三十日内，并定于举证期满后第三日上午九时在本院第一法庭公开开庭审理，逾期将依法缺席判决。特此公告。

本院受理原告与被告合同纠纷一案，因被告下落不明，依照《中华人民共和国民事诉讼法》第九十五条之规定，向你公告送达起诉状副本、应诉通知书、举证通知书及开庭传票。自公告之日起经过六十日即视为送达。提出答辩状和举证的期限分别为公告期满后十五日和三十日内，并定于举证期满后第三日上午九时在本院第一法庭公开开庭审理，逾期将依法缺席判决。特此公告。

本院受理原告与被告合同纠纷一案，因被告下落不明，依照《中华人民共和国民事诉讼法》第九十五条之规定，向你公告送达起诉状副本、应诉通知书、举证通知书及开庭传票。自公告之日起经过六十日即视为送达。提出答辩状和举证的期限分别为公告期满后十五日和三十日内，并定于举证期满后第三日上午九时在本院第一法庭公开开庭审理，逾期将依法缺席判决。特此公告。

本院受理原告与被告合同纠纷一案，因被告下落不明，依照《中华人民共和国民事诉讼法》第九十五条之规定，向你公告送达起诉状副本、应诉通知书、举证通知书及开庭传票。自公告之日起经过六十日即视为送达。提出答辩状和举证的期限分别为公告期满后十五日和三十日内，并定于举证期满后第三日上午九时在本院第一法庭公开开庭审理，逾期将依法缺席判决。特此公告。

本院受理原告与被告合同纠纷一案，因被告下落不明，依照《中华人民共和国民事诉讼法》第九十五条之规定，向你公告送达起诉状副本、应诉通知书、举证通知书及开庭传票。自公告之日起经过六十日即视为送达。提出答辩状和举证的期限分别为公告期满后十五日和三十日内，并定于举证期满后第三日上午九时在本院第一法庭公开开庭审理，逾期将依法缺席判决。特此公告。

本院受理原告与被告合同纠纷一案，因被告下落不明，依照《中华人民共和国民事诉讼法》第九十五条之规定，向你公告送达起诉状副本、应诉通知书、举证通知书及开庭传票。自公告之日起经过六十日即视为送达。提出答辩状和举证的期限分别为公告期满后十五日和三十日内，并定于举证期满后第三日上午九时在本院第一法庭公开开庭审理，逾期将依法缺席判决。特此公告。

本院受理原告与被告合同纠纷一案，因被告下落不明，依照《中华人民共和国民事诉讼法》第九十五条之规定，向你公告送达起诉状副本、应诉通知书、举证通知书及开庭传票。自公告之日起经过六十日即视为送达。提出答辩状和举证的期限分别为公告期满后十五日和三十日内，并定于举证期满后第三日上午九时在本院第一法庭公开开庭审理，逾期将依法缺席判决。特此公告。

本院受理原告与被告合同纠纷一案，因被告下落不明，依照《中华人民共和国民事诉讼法》第九十五条之规定，向你公告送达起诉状副本、应诉通知书、举证通知书及开庭传票。自公告之日起经过六十日即视为送达。提出答辩状和举证的期限分别为公告期满后十五日和三十日内，并定于举证期满后第三日上午九时在本院第一法庭公开开庭审理，逾期将依法缺席判决。特此公告。

本院受理原告与被告合同纠纷一案，因被告下落不明，依照《中华人民共和国民事诉讼法》第九十五条之规定，向你公告送达起诉状副本、应诉通知书、举证通知书及开庭传票。自公告之日起经过六十日即视为送达。提出答辩状和举证的期限分别为公告期满后十五日和三十日内，并定于举证期满后第三日上午九时在本院第一法庭公开开庭审理，逾期将依法缺席判决。特此公告。

本院受理原告与被告合同纠纷一案，因被告下落不明，依照《中华人民共和国民事诉讼法》第九十五条之规定，向你公告送达起诉状副本、应诉通知书、举证通知书及开庭传票。自公告之日起经过六十日即视为送达。提出答辩状和举证的期限分别为公告期满后十五日和三十日内，并定于举证期满后第三日上午九时在本院第一法庭公开开庭审理，逾期将依法缺席判决。特此公告。

本院受理原告与被告合同纠纷一案，因被告下落不明，依照《中华人民共和国民事诉讼法》第九十五条之规定，向你公告送达起诉状副本、应诉通知书、举证通知书及开庭传票。自公告之日起经过六十日即视为送达。提出答辩状和举证的期限分别为公告期满后十五日和三十日内，并定于举证期满后第三日上午九时在本院第一法庭公开开庭审理，逾期将依法缺席判决。特此公告。

特此公告
